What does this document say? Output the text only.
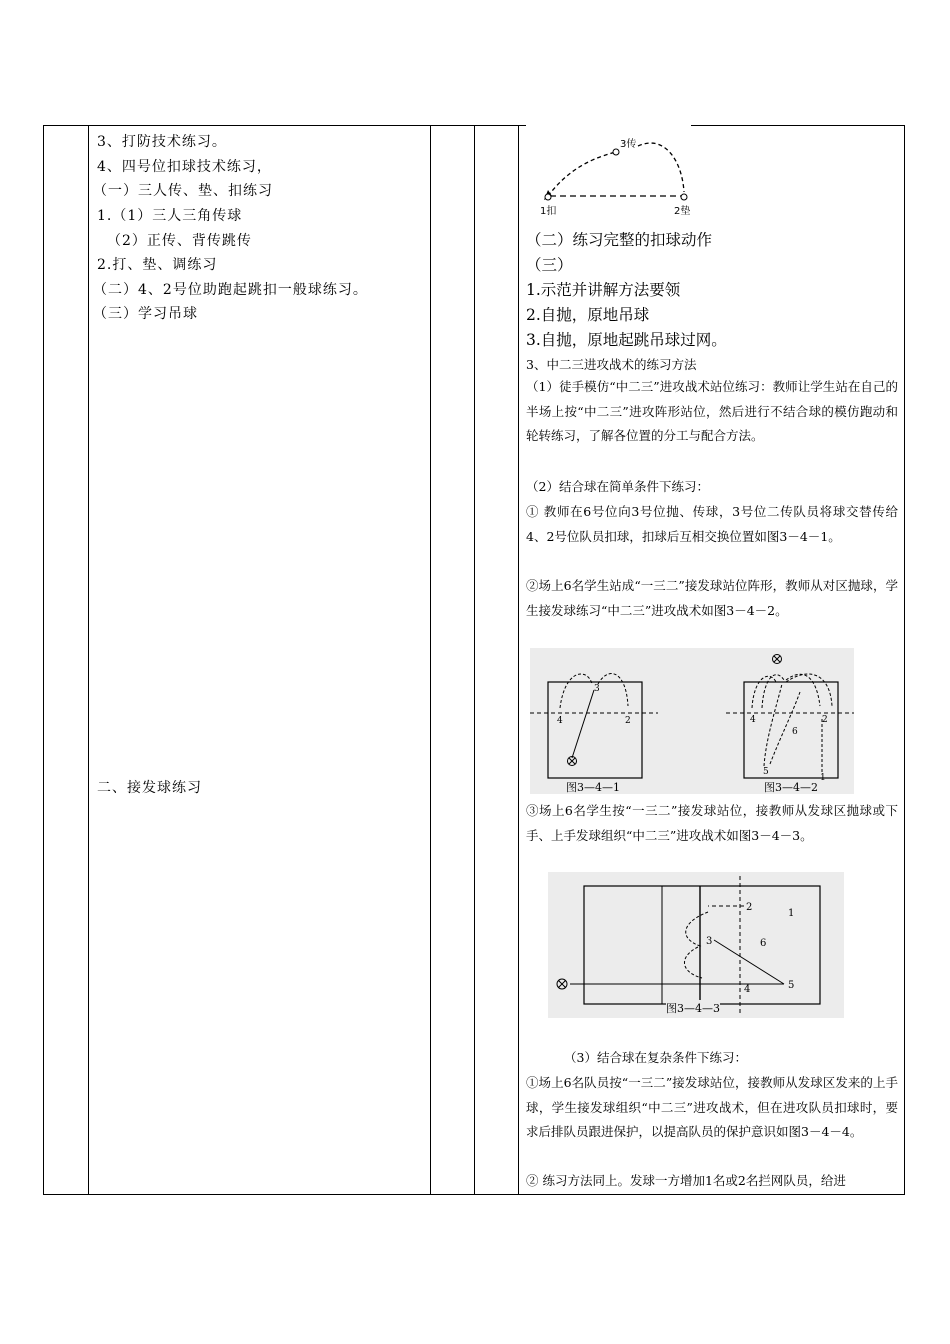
3、打防技术练习。
4、四号位扣球技术练习，
（一）三人传、垫、扣练习
1.（1）三人三角传球
（2）正传、背传跳传
2.打、垫、调练习
（二）4、2号位助跑起跳扣一般球练习。
（三）学习吊球
二、接发球练习
3传
1扣	2垫
（二）练习完整的扣球动作
（三）
1.示范并讲解方法要领
2.自抛，原地吊球
3.自抛，原地起跳吊球过网。
3、中二三进攻战术的练习方法
（1）徒手模仿“中二三”进攻战术站位练习：教师让学生站在自己的半场上按“中二三”进攻阵形站位，然后进行不结合球的模仿跑动和轮转练习，了解各位置的分工与配合方法。
（2）结合球在简单条件下练习：
① 教师在6号位向3号位抛、传球，3号位二传队员将球交替传给4、2号位队员扣球，扣球后互相交换位置如图3－4－1。
②场上6名学生站成“一三二”接发球站位阵形，教师从对区抛球，学生接发球练习“中二三”进攻战术如图3－4－2。
3
4	2	4
6
2
5
1
图3—4—1	图3—4—2
③场上6名学生按“一三二”接发球站位，接教师从发球区抛球或下手、上手发球组织“中二三”进攻战术如图3－4－3。
2
1
3	6
4	5
图3—4—3
（3）结合球在复杂条件下练习：
①场上6名队员按“一三二”接发球站位，接教师从发球区发来的上手球，学生接发球组织“中二三”进攻战术，但在进攻队员扣球时，要求后排队员跟进保护，以提高队员的保护意识如图3－4－4。
② 练习方法同上。发球一方增加1名或2名拦网队员，给进
